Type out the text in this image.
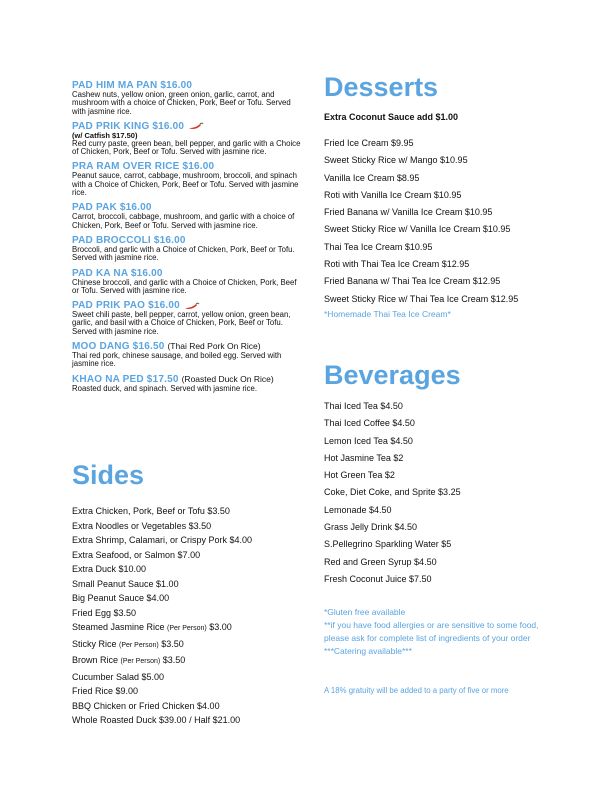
PAD HIM MA PAN $16.00
Cashew nuts, yellow onion, green onion, garlic, carrot, and mushroom with a choice of Chicken, Pork, Beef or Tofu. Served with jasmine rice.
PAD PRIK KING $16.00
(w/ Catfish $17.50)
Red curry paste, green bean, bell pepper, and garlic with a Choice of Chicken, Pork, Beef or Tofu. Served with jasmine rice.
PRA RAM OVER RICE $16.00
Peanut sauce, carrot, cabbage, mushroom, broccoli, and spinach with a Choice of Chicken, Pork, Beef or Tofu. Served with jasmine rice.
PAD PAK $16.00
Carrot, broccoli, cabbage, mushroom, and garlic with a choice of Chicken, Pork, Beef or Tofu. Served with jasmine rice.
PAD BROCCOLI $16.00
Broccoli, and garlic with a Choice of Chicken, Pork, Beef or Tofu. Served with jasmine rice.
PAD KA NA $16.00
Chinese broccoli, and garlic with a Choice of Chicken, Pork, Beef or Tofu. Served with jasmine rice.
PAD PRIK PAO $16.00
Sweet chili paste, bell pepper, carrot, yellow onion, green bean, garlic, and basil with a Choice of Chicken, Pork, Beef or Tofu. Served with jasmine rice.
MOO DANG $16.50 (Thai Red Pork On Rice)
Thai red pork, chinese sausage, and boiled egg. Served with jasmine rice.
KHAO NA PED $17.50 (Roasted Duck On Rice)
Roasted duck, and spinach. Served with jasmine rice.
Sides
Extra Chicken, Pork, Beef or Tofu $3.50
Extra Noodles or Vegetables $3.50
Extra Shrimp, Calamari, or Crispy Pork $4.00
Extra Seafood, or Salmon $7.00
Extra Duck $10.00
Small Peanut Sauce $1.00
Big Peanut Sauce $4.00
Fried Egg $3.50
Steamed Jasmine Rice (Per Person) $3.00
Sticky Rice (Per Person) $3.50
Brown Rice (Per Person) $3.50
Cucumber Salad $5.00
Fried Rice $9.00
BBQ Chicken or Fried Chicken $4.00
Whole Roasted Duck $39.00 / Half $21.00
Desserts
Extra Coconut Sauce add $1.00
Fried Ice Cream $9.95
Sweet Sticky Rice w/ Mango $10.95
Vanilla Ice Cream $8.95
Roti with Vanilla Ice Cream $10.95
Fried Banana w/ Vanilla Ice Cream $10.95
Sweet Sticky Rice w/ Vanilla Ice Cream $10.95
Thai Tea Ice Cream $10.95
Roti with Thai Tea Ice Cream $12.95
Fried Banana w/ Thai Tea Ice Cream $12.95
Sweet Sticky Rice w/ Thai Tea Ice Cream $12.95
*Homemade Thai Tea Ice Cream*
Beverages
Thai Iced Tea $4.50
Thai Iced Coffee $4.50
Lemon Iced Tea $4.50
Hot Jasmine Tea $2
Hot Green Tea $2
Coke, Diet Coke, and Sprite $3.25
Lemonade $4.50
Grass Jelly Drink $4.50
S.Pellegrino Sparkling Water $5
Red and Green Syrup $4.50
Fresh Coconut Juice $7.50
*Gluten free available
**if you have food allergies or are sensitive to some food, please ask for complete list of ingredients of your order
***Catering available***
A 18% gratuity will be added to a party of five or more
